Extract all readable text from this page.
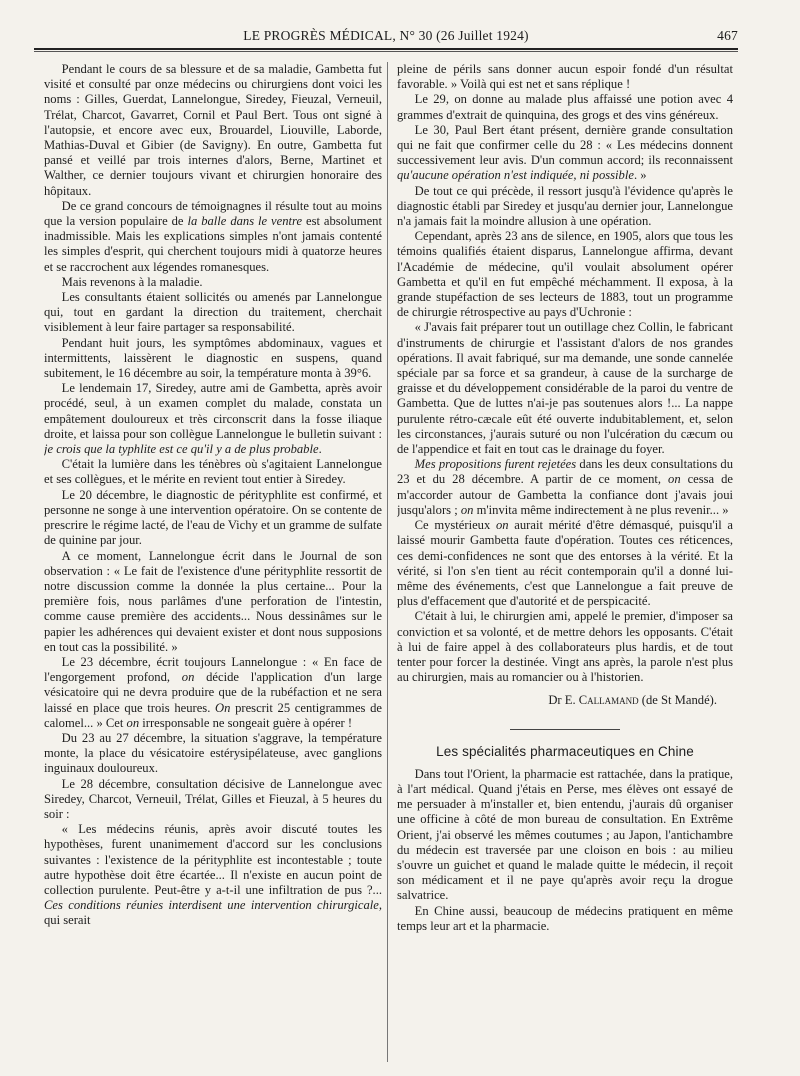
LE PROGRÈS MÉDICAL, N° 30 (26 Juillet 1924)	467

Pendant le cours de sa blessure et de sa maladie, Gambetta fut visité et consulté par onze médecins ou chirurgiens dont voici les noms : Gilles, Guerdat, Lannelongue, Siredey, Fieuzal, Verneuil, Trélat, Charcot, Gavarret, Cornil et Paul Bert. Tous ont signé à l'autopsie, et encore avec eux, Brouardel, Liouville, Laborde, Mathias-Duval et Gibier (de Savigny). En outre, Gambetta fut pansé et veillé par trois internes d'alors, Berne, Martinet et Walther, ce dernier toujours vivant et chirurgien honoraire des hôpitaux.

De ce grand concours de témoignagnes il résulte tout au moins que la version populaire de la balle dans le ventre est absolument inadmissible. Mais les explications simples n'ont jamais contenté les simples d'esprit, qui cherchent toujours midi à quatorze heures et se raccrochent aux légendes romanesques.

Mais revenons à la maladie.

Les consultants étaient sollicités ou amenés par Lannelongue qui, tout en gardant la direction du traitement, cherchait visiblement à leur faire partager sa responsabilité.

Pendant huit jours, les symptômes abdominaux, vagues et intermittents, laissèrent le diagnostic en suspens, quand subitement, le 16 décembre au soir, la température monta à 39°6.

Le lendemain 17, Siredey, autre ami de Gambetta, après avoir procédé, seul, à un examen complet du malade, constata un empâtement douloureux et très circonscrit dans la fosse iliaque droite, et laissa pour son collègue Lannelongue le bulletin suivant : je crois que la typhlite est ce qu'il y a de plus probable.

C'était la lumière dans les ténèbres où s'agitaient Lannelongue et ses collègues, et le mérite en revient tout entier à Siredey.

Le 20 décembre, le diagnostic de pérityphlite est confirmé, et personne ne songe à une intervention opératoire. On se contente de prescrire le régime lacté, de l'eau de Vichy et un gramme de sulfate de quinine par jour.

A ce moment, Lannelongue écrit dans le Journal de son observation : « Le fait de l'existence d'une pérityphlite ressortit de notre discussion comme la donnée la plus certaine... Pour la première fois, nous parlâmes d'une perforation de l'intestin, comme cause première des accidents... Nous dessinâmes sur le papier les adhérences qui devaient exister et dont nous supposions en tout cas la possibilité. »

Le 23 décembre, écrit toujours Lannelongue : « En face de l'engorgement profond, on décide l'application d'un large vésicatoire qui ne devra produire que de la rubéfaction et ne sera laissé en place que trois heures. On prescrit 25 centigrammes de calomel... » Cet on irresponsable ne songeait guère à opérer !

Du 23 au 27 décembre, la situation s'aggrave, la température monte, la place du vésicatoire estérysipélateuse, avec ganglions inguinaux douloureux.

Le 28 décembre, consultation décisive de Lannelongue avec Siredey, Charcot, Verneuil, Trélat, Gilles et Fieuzal, à 5 heures du soir :

« Les médecins réunis, après avoir discuté toutes les hypothèses, furent unanimement d'accord sur les conclusions suivantes : l'existence de la pérityphlite est incontestable ; toute autre hypothèse doit être écartée... Il n'existe en aucun point de collection purulente. Peut-être y a-t-il une infiltration de pus ?... Ces conditions réunies interdisent une intervention chirurgicale, qui serait

pleine de périls sans donner aucun espoir fondé d'un résultat favorable. » Voilà qui est net et sans réplique !

Le 29, on donne au malade plus affaissé une potion avec 4 grammes d'extrait de quinquina, des grogs et des vins généreux.

Le 30, Paul Bert étant présent, dernière grande consultation qui ne fait que confirmer celle du 28 : « Les médecins donnent successivement leur avis. D'un commun accord; ils reconnaissent qu'aucune opération n'est indiquée, ni possible. »

De tout ce qui précède, il ressort jusqu'à l'évidence qu'après le diagnostic établi par Siredey et jusqu'au dernier jour, Lannelongue n'a jamais fait la moindre allusion à une opération.

Cependant, après 23 ans de silence, en 1905, alors que tous les témoins qualifiés étaient disparus, Lannelongue affirma, devant l'Académie de médecine, qu'il voulait absolument opérer Gambetta et qu'il en fut empêché méchamment. Il exposa, à la grande stupéfaction de ses lecteurs de 1883, tout un programme de chirurgie rétrospective au pays d'Uchronie :

« J'avais fait préparer tout un outillage chez Collin, le fabricant d'instruments de chirurgie et l'assistant d'alors de nos grandes opérations. Il avait fabriqué, sur ma demande, une sonde cannelée spéciale par sa force et sa grandeur, à cause de la surcharge de graisse et du développement considérable de la paroi du ventre de Gambetta. Que de luttes n'ai-je pas soutenues alors !... La nappe purulente rétro-cæcale eût été ouverte indubitablement, et, selon les circonstances, j'aurais suturé ou non l'ulcération du cæcum ou de l'appendice et fait en tout cas le drainage du foyer.

Mes propositions furent rejetées dans les deux consultations du 23 et du 28 décembre. A partir de ce moment, on cessa de m'accorder autour de Gambetta la confiance dont j'avais joui jusqu'alors ; on m'invita même indirectement à ne plus revenir... »

Ce mystérieux on aurait mérité d'être démasqué, puisqu'il a laissé mourir Gambetta faute d'opération. Toutes ces réticences, ces demi-confidences ne sont que des entorses à la vérité. Et la vérité, si l'on s'en tient au récit contemporain qu'il a donné lui-même des événements, c'est que Lannelongue a fait preuve de plus d'effacement que d'autorité et de perspicacité.

C'était à lui, le chirurgien ami, appelé le premier, d'imposer sa conviction et sa volonté, et de mettre dehors les opposants. C'était à lui de faire appel à des collaborateurs plus hardis, et de tout tenter pour forcer la destinée. Vingt ans après, la parole n'est plus au chirurgien, mais au romancier ou à l'historien.

Dr E. Callamand (de St Mandé).

Les spécialités pharmaceutiques en Chine

Dans tout l'Orient, la pharmacie est rattachée, dans la pratique, à l'art médical. Quand j'étais en Perse, mes élèves ont essayé de me persuader à m'installer et, bien entendu, j'aurais dû organiser une officine à côté de mon bureau de consultation. En Extrême Orient, j'ai observé les mêmes coutumes ; au Japon, l'antichambre du médecin est traversée par une cloison en bois : au milieu s'ouvre un guichet et quand le malade quitte le médecin, il reçoit son médicament et il ne paye qu'après avoir reçu la drogue salvatrice.

En Chine aussi, beaucoup de médecins pratiquent en même temps leur art et la pharmacie.
